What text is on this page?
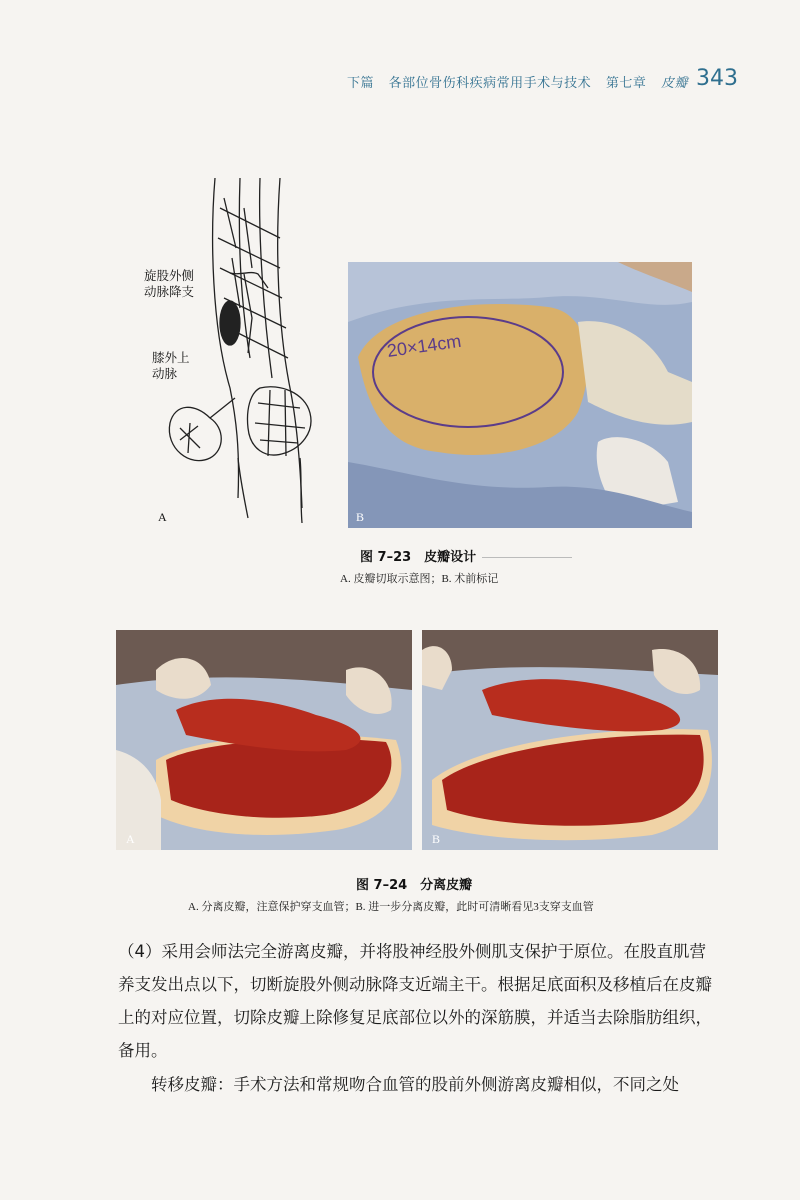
下篇 各部位骨伤科疾病常用手术与技术 第七章 皮瓣 343
旋股外侧
动脉降支
膝外上
动脉
A
20×14cm
B
图 7–23　皮瓣设计
A. 皮瓣切取示意图；B. 术前标记
A	B
图 7–24　分离皮瓣
A. 分离皮瓣，注意保护穿支血管；B. 进一步分离皮瓣，此时可清晰看见3支穿支血管

（4）采用会师法完全游离皮瓣，并将股神经股外侧肌支保护于原位。在股直肌营养支发出点以下，切断旋股外侧动脉降支近端主干。根据足底面积及移植后在皮瓣上的对应位置，切除皮瓣上除修复足底部位以外的深筋膜，并适当去除脂肪组织，备用。

转移皮瓣：手术方法和常规吻合血管的股前外侧游离皮瓣相似，不同之处
